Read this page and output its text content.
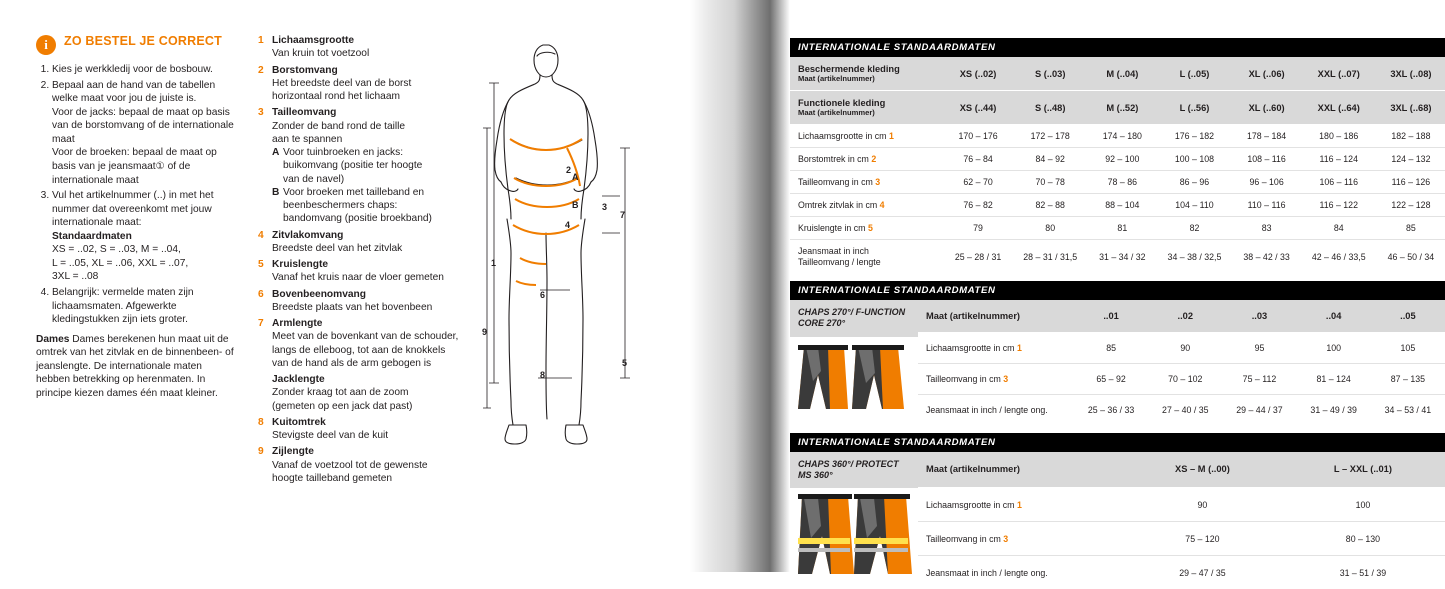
i	ZO BESTEL JE CORRECT
1. Kies je werkkledij voor de bosbouw.
2. Bepaal aan de hand van de tabellen welke maat voor jou de juiste is.
Voor de jacks: bepaal de maat op basis van de borstomvang of de internationale maat
Voor de broeken: bepaal de maat op basis van je jeansmaat① of de internationale maat
3. Vul het artikelnummer (..) in met het nummer dat overeenkomt met jouw internationale maat:
Standaardmaten
XS = ..02, S = ..03, M = ..04,
L = ..05, XL = ..06, XXL = ..07,
3XL = ..08
4. Belangrijk: vermelde maten zijn lichaamsmaten. Afgewerkte kledingstukken zijn iets groter.

Dames Dames berekenen hun maat uit de omtrek van het zitvlak en de binnenbeen- of jeanslengte. De internationale maten hebben betrekking op herenmaten. In principe kiezen dames één maat kleiner.

1 Lichaamsgrootte
Van kruin tot voetzool
2 Borstomvang
Het breedste deel van de borst
horizontaal rond het lichaam
3 Tailleomvang
Zonder de band rond de taille
aan te spannen
A Voor tuinbroeken en jacks:
buikomvang (positie ter hoogte
van de navel)
B Voor broeken met tailleband en
beenbeschermers chaps:
bandomvang (positie broekband)
4 Zitvlakomvang
Breedste deel van het zitvlak
5 Kruislengte
Vanaf het kruis naar de vloer gemeten
6 Bovenbeenomvang
Breedste plaats van het bovenbeen
7 Armlengte
Meet van de bovenkant van de schouder,
langs de elleboog, tot aan de knokkels
van de hand als de arm gebogen is
Jacklengte
Zonder kraag tot aan de zoom
(gemeten op een jack dat past)
8 Kuitomtrek
Stevigste deel van de kuit
9 Zijlengte
Vanaf de voetzool tot de gewenste
hoogte tailleband gemeten
1
9
2
3
4
6
7
5
8
A
B
INTERNATIONALE STANDAARDMATEN
Beschermende kleding
Maat (artikelnummer)	XS (..02)	S (..03)	M (..04)	L (..05)	XL (..06)	XXL (..07)	3XL (..08)
Functionele kleding
Maat (artikelnummer)	XS (..44)	S (..48)	M (..52)	L (..56)	XL (..60)	XXL (..64)	3XL (..68)
Lichaamsgrootte in cm 1	170 – 176	172 – 178	174 – 180	176 – 182	178 – 184	180 – 186	182 – 188
Borstomtrek in cm 2	76 – 84	84 – 92	92 – 100	100 – 108	108 – 116	116 – 124	124 – 132
Tailleomvang in cm 3	62 – 70	70 – 78	78 – 86	86 – 96	96 – 106	106 – 116	116 – 126
Omtrek zitvlak in cm 4	76 – 82	82 – 88	88 – 104	104 – 110	110 – 116	116 – 122	122 – 128
Kruislengte in cm 5	79	80	81	82	83	84	85

Jeansmaat in inch
Tailleomvang / lengte	25 – 28 / 31	28 – 31 / 31,5	31 – 34 / 32	34 – 38 / 32,5	38 – 42 / 33	42 – 46 / 33,5	46 – 50 / 34
INTERNATIONALE STANDAARDMATEN
CHAPS 270°/ F-UNCTION CORE 270°
Maat (artikelnummer)	..01	..02	..03	..04	..05
Lichaamsgrootte in cm 1	85	90	95	100	105
Tailleomvang in cm 3	65 – 92	70 – 102	75 – 112	81 – 124	87 – 135
Jeansmaat in inch / lengte ong.	25 – 36 / 33	27 – 40 / 35	29 – 44 / 37	31 – 49 / 39	34 – 53 / 41
INTERNATIONALE STANDAARDMATEN
CHAPS 360°/ PROTECT MS 360°
Maat (artikelnummer)	XS – M (..00)	L – XXL (..01)
Lichaamsgrootte in cm 1	90	100
Tailleomvang in cm 3	75 – 120	80 – 130
Jeansmaat in inch / lengte ong.	29 – 47 / 35	31 – 51 / 39
